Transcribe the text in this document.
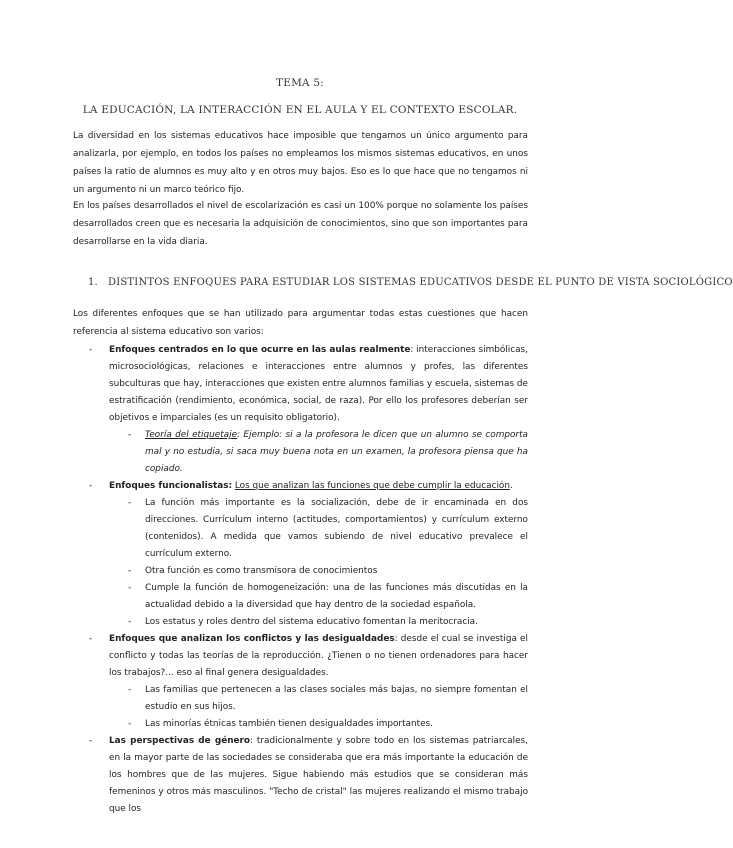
TEMA 5:
LA EDUCACIÓN, LA INTERACCIÓN EN EL AULA Y EL CONTEXTO ESCOLAR.
La diversidad en los sistemas educativos hace imposible que tengamos un único argumento para analizarla, por ejemplo, en todos los países no empleamos los mismos sistemas educativos, en unos países la ratio de alumnos es muy alto y en otros muy bajos. Eso es lo que hace que no tengamos ni un argumento ni un marco teórico fijo.
En los países desarrollados el nivel de escolarización es casi un 100% porque no solamente los países desarrollados creen que es necesaria la adquisición de conocimientos, sino que son importantes para desarrollarse en la vida diaria.
1. DISTINTOS ENFOQUES PARA ESTUDIAR LOS SISTEMAS EDUCATIVOS DESDE EL PUNTO DE VISTA SOCIOLÓGICO
Los diferentes enfoques que se han utilizado para argumentar todas estas cuestiones que hacen referencia al sistema educativo son varios:
- Enfoques centrados en lo que ocurre en las aulas realmente: interacciones simbólicas, microsociológicas, relaciones e interacciones entre alumnos y profes, las diferentes subculturas que hay, interacciones que existen entre alumnos familias y escuela, sistemas de estratificación (rendimiento, económica, social, de raza). Por ello los profesores deberían ser objetivos e imparciales (es un requisito obligatorio).
- Teoría del etiquetaje: Ejemplo: si a la profesora le dicen que un alumno se comporta mal y no estudia, si saca muy buena nota en un examen, la profesora piensa que ha copiado.
- Enfoques funcionalistas: Los que analizan las funciones que debe cumplir la educación.
- La función más importante es la socialización, debe de ir encaminada en dos direcciones. Currículum interno (actitudes, comportamientos) y currículum externo (contenidos). A medida que vamos subiendo de nivel educativo prevalece el currículum externo.
- Otra función es como transmisora de conocimientos
- Cumple la función de homogeneización: una de las funciones más discutidas en la actualidad debido a la diversidad que hay dentro de la sociedad española.
- Los estatus y roles dentro del sistema educativo fomentan la meritocracia.
- Enfoques que analizan los conflictos y las desigualdades: desde el cual se investiga el conflicto y todas las teorías de la reproducción. ¿Tienen o no tienen ordenadores para hacer los trabajos?... eso al final genera desigualdades.
- Las familias que pertenecen a las clases sociales más bajas, no siempre fomentan el estudio en sus hijos.
- Las minorías étnicas también tienen desigualdades importantes.
- Las perspectivas de género: tradicionalmente y sobre todo en los sistemas patriarcales, en la mayor parte de las sociedades se consideraba que era más importante la educación de los hombres que de las mujeres. Sigue habiendo más estudios que se consideran más femeninos y otros más masculinos. "Techo de cristal" las mujeres realizando el mismo trabajo que los
